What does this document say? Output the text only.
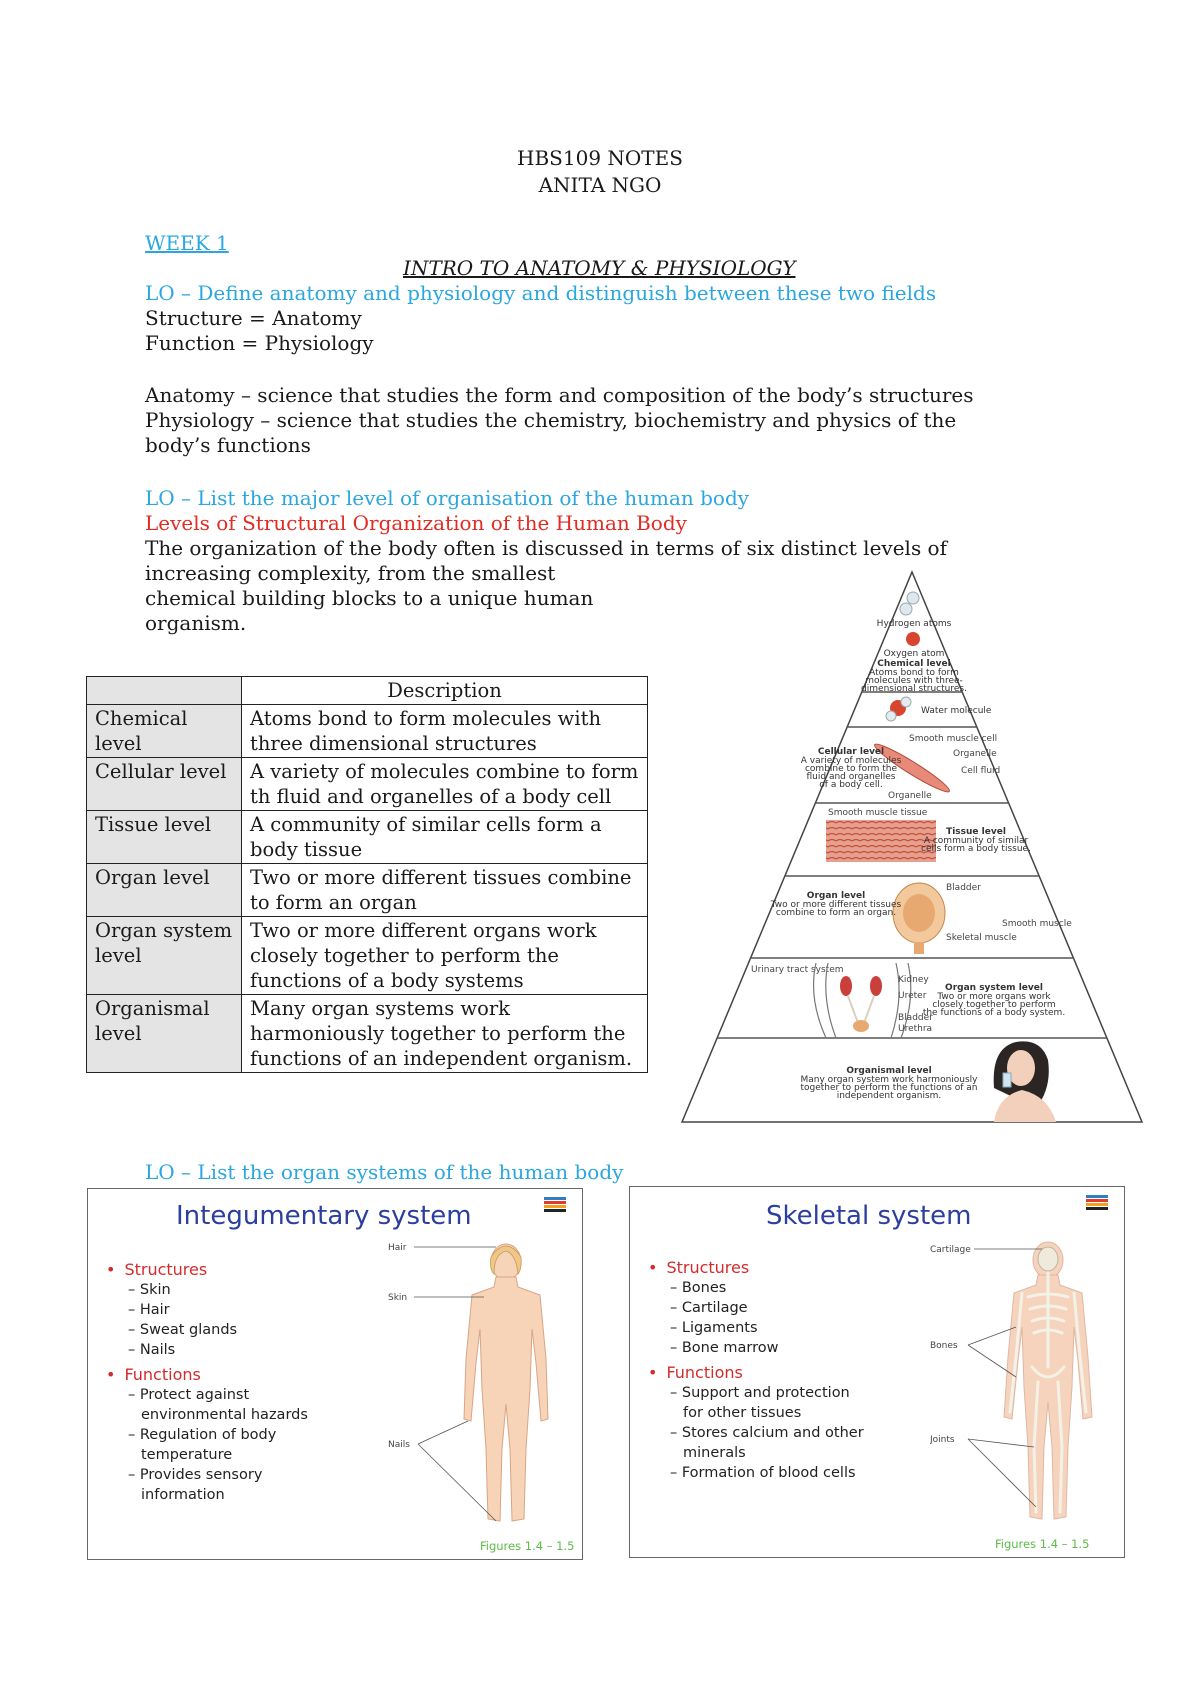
HBS109 NOTES
ANITA NGO
WEEK 1
INTRO TO ANATOMY & PHYSIOLOGY
LO – Define anatomy and physiology and distinguish between these two fields
Structure = Anatomy
Function = Physiology
Anatomy – science that studies the form and composition of the body’s structures
Physiology – science that studies the chemistry, biochemistry and physics of the
body’s functions
LO – List the major level of organisation of the human body
Levels of Structural Organization of the Human Body
The organization of the body often is discussed in terms of six distinct levels of
increasing complexity, from the smallest
chemical building blocks to a unique human
organism.
	Description
Chemical level	Atoms bond to form molecules with three dimensional structures
Cellular level	A variety of molecules combine to form th fluid and organelles of a body cell
Tissue level	A community of similar cells form a body tissue
Organ level	Two or more different tissues combine to form an organ
Organ system level	Two or more different organs work closely together to perform the functions of a body systems
Organismal level	Many organ systems work harmoniously together to perform the functions of an independent organism.
Hydrogen atoms
Oxygen atom
Chemical level
Atoms bond to form
molecules with three-
dimensional structures.
Water molecule
Smooth muscle cell
Organelle
Cell fluid
Organelle
Cellular level
A variety of molecules
combine to form the
fluid and organelles
of a body cell.
Smooth muscle tissue
Tissue level
A community of similar
cells form a body tissue.
Bladder
Organ level
Two or more different tissues
combine to form an organ.
Smooth muscle
Skeletal muscle
Urinary tract system
Kidney
Ureter
Bladder
Urethra
Organ system level
Two or more organs work
closely together to perform
the functions of a body system.
Organismal level
Many organ system work harmoniously
together to perform the functions of an
independent organism.
LO – List the organ systems of the human body
Integumentary system
• Structures
– Skin
– Hair
– Sweat glands
– Nails
• Functions
– Protect against environmental hazards
– Regulation of body temperature
– Provides sensory information
Hair
Skin
Nails
Figures 1.4 – 1.5
Skeletal system
• Structures
– Bones
– Cartilage
– Ligaments
– Bone marrow
• Functions
– Support and protection for other tissues
– Stores calcium and other minerals
– Formation of blood cells
Cartilage
Bones
Joints
Figures 1.4 – 1.5
